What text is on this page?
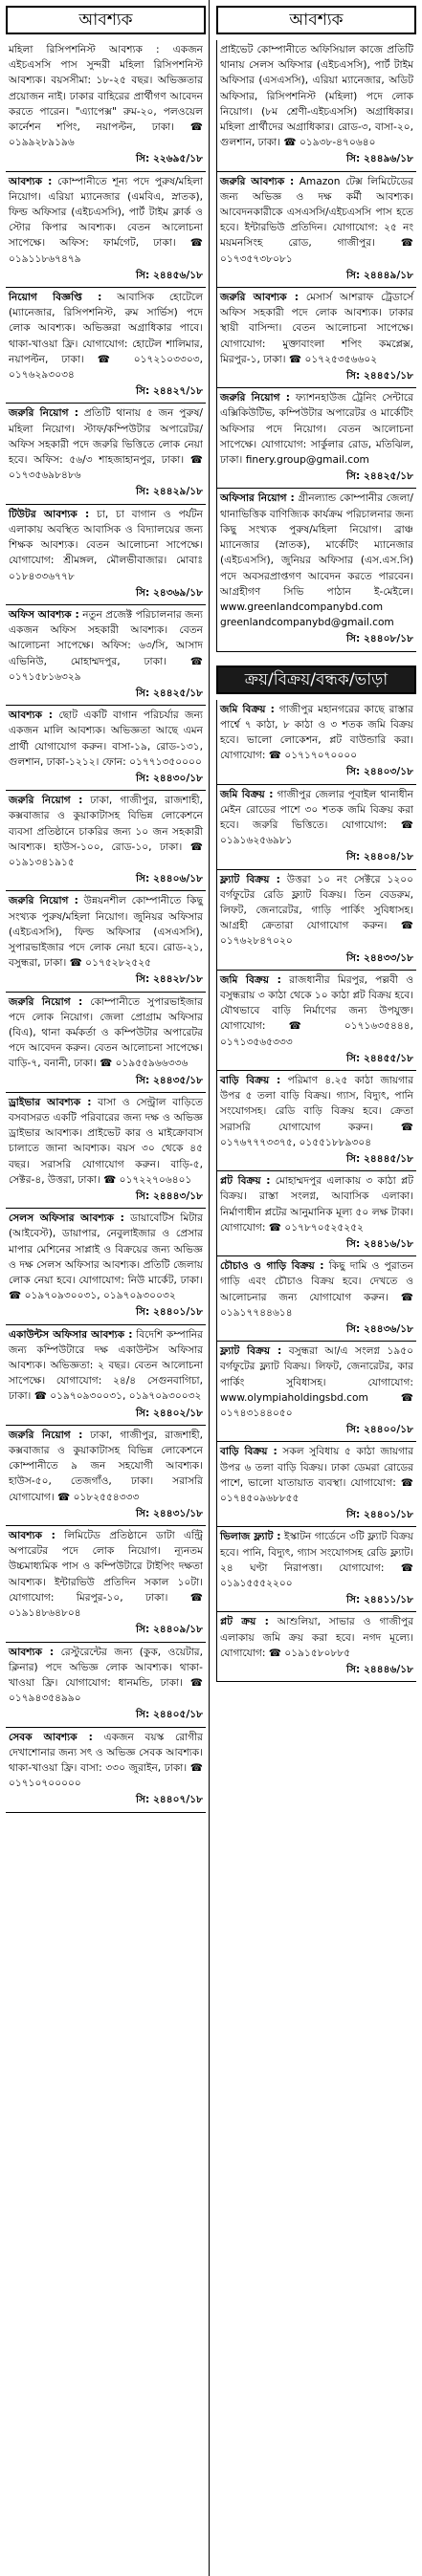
আবশ্যক
মহিলা রিসিপশনিস্ট আবশ্যক : একজন এইচএসসি পাস সুন্দরী মহিলা রিসিপশনিস্ট আবশ্যক। বয়সসীমা: ১৮-২৫ বছর। অভিজ্ঞতার প্রয়োজন নাই। ঢাকার বাহিরের প্রার্থীগণ আবেদন করতে পারেন। "এ্যাপেক্স" রুম-২০, পলওয়েল কার্নেশন শপিং, নয়াপল্টন, ঢাকা। ☎ ০১৯৯২৮৯১৯৬
সি: ২২৬৯৫/১৮
আবশ্যক : কোম্পানীতে শূন্য পদে পুরুষ/মহিলা নিয়োগ। এরিয়া ম্যানেজার (এমবিএ, স্নাতক), ফিল্ড অফিসার (এইচএসসি), পার্ট টাইম ক্লার্ক ও স্টোর কিপার আবশ্যক। বেতন আলোচনা সাপেক্ষে। অফিস: ফার্মগেট, ঢাকা। ☎ ০১৯১১৮৬৭৪৭৯
সি: ২৪৪৫৬/১৮
নিয়োগ বিজ্ঞপ্তি : আবাসিক হোটেলে (ম্যানেজার, রিসিপশনিস্ট, রুম সার্ভিস) পদে লোক আবশ্যক। অভিজ্ঞরা অগ্রাধিকার পাবে। থাকা-খাওয়া ফ্রি। যোগাযোগ: হোটেল শালিমার, নয়াপল্টন, ঢাকা। ☎ ০১৭২১০৩৩০৩, ০১৭৬২৯৩০৩৪
সি: ২৪৪২৭/১৮
জরুরি নিয়োগ : প্রতিটি থানায় ৫ জন পুরুষ/মহিলা নিয়োগ। স্টাফ/কম্পিউটার অপারেটর/অফিস সহকারী পদে জরুরি ভিত্তিতে লোক নেয়া হবে। অফিস: ৫৬/৩ শাহজাহানপুর, ঢাকা। ☎ ০১৭৩৫৬৯৮৪৮৬
সি: ২৪৪২৯/১৮
টিউটর আবশ্যক : চা, চা বাগান ও পর্যটন এলাকায় অবস্থিত আবাসিক ও বিদ্যালয়ের জন্য শিক্ষক আবশ্যক। বেতন আলোচনা সাপেক্ষে। যোগাযোগ: শ্রীমঙ্গল, মৌলভীবাজার। মোবাঃ ০১৮৪৩৩৬৭৭৮
সি: ২৪৩৬৯/১৮
অফিস আবশ্যক : নতুন প্রজেক্ট পরিচালনার জন্য একজন অফিস সহকারী আবশ্যক। বেতন আলোচনা সাপেক্ষে। অফিস: ৬৩/সি, আসাদ এভিনিউ, মোহাম্মদপুর, ঢাকা। ☎ ০১৭১৫৮১৬৩২৯
সি: ২৪৪২৫/১৮
আবশ্যক : ছোট একটি বাগান পরিচর্যার জন্য একজন মালি আবশ্যক। অভিজ্ঞতা আছে এমন প্রার্থী যোগাযোগ করুন। বাসা-১৯, রোড-১৩১, গুলশান, ঢাকা-১২১২। ফোন: ০১৭৭১৩৫০০০০
সি: ২৪৪৩০/১৮
জরুরি নিয়োগ : ঢাকা, গাজীপুর, রাজশাহী, কক্সবাজার ও কুয়াকাটাসহ বিভিন্ন লোকেশনে ব্যবসা প্রতিষ্ঠানে চাকরির জন্য ১০ জন সহকারী আবশ্যক। হাউস-১০০, রোড-১০, ঢাকা। ☎ ০১৯১৩৪১৯১৫
সি: ২৪৪০৬/১৮
জরুরি নিয়োগ : উন্নয়নশীল কোম্পানীতে কিছু সংখ্যক পুরুষ/মহিলা নিয়োগ। জুনিয়র অফিসার (এইচএসসি), ফিল্ড অফিসার (এসএসসি), সুপারভাইজার পদে লোক নেয়া হবে। রোড-২১, বসুন্ধরা, ঢাকা। ☎ ০১৭৫২৮২৫২৫
সি: ২৪৪২৮/১৮
জরুরি নিয়োগ : কোম্পানীতে সুপারভাইজার পদে লোক নিয়োগ। জেলা প্রোগ্রাম অফিসার (বিএ), থানা কর্মকর্তা ও কম্পিউটার অপারেটর পদে আবেদন করুন। বেতন আলোচনা সাপেক্ষে। বাড়ি-৭, বনানী, ঢাকা। ☎ ০১৯৫৫৯৬৬৩৩৬
সি: ২৪৪৩৫/১৮
ড্রাইভার আবশ্যক : বাসা ও সেন্ট্রাল বাড়িতে বসবাসরত একটি পরিবারের জন্য দক্ষ ও অভিজ্ঞ ড্রাইভার আবশ্যক। প্রাইভেট কার ও মাইক্রোবাস চালাতে জানা আবশ্যক। বয়স ৩০ থেকে ৪৫ বছর। সরাসরি যোগাযোগ করুন। বাড়ি-৫, সেক্টর-৪, উত্তরা, ঢাকা। ☎ ০১৭২২৭০৬৪০১
সি: ২৪৪৪৩/১৮
সেলস অফিসার আবশ্যক : ডায়াবেটিস মিটার (আইবেস্ট), ডায়াপার, নেবুলাইজার ও প্রেসার মাপার মেশিনের সাপ্লাই ও বিক্রয়ের জন্য অভিজ্ঞ ও দক্ষ সেলস অফিসার আবশ্যক। প্রতিটি জেলায় লোক নেয়া হবে। যোগাযোগ: নিউ মার্কেট, ঢাকা। ☎ ০১৯৭০৯৩০০৩১, ০১৯৭০৯৩০০৩২
সি: ২৪৪০১/১৮
একাউন্টস অফিসার আবশ্যক : বিদেশি কম্পানির জন্য কম্পিউটারে দক্ষ একাউন্টস অফিসার আবশ্যক। অভিজ্ঞতা: ২ বছর। বেতন আলোচনা সাপেক্ষে। যোগাযোগ: ২৪/৪ সেগুনবাগিচা, ঢাকা। ☎ ০১৯৭০৯৩০০৩১, ০১৯৭০৯৩০০৩২
সি: ২৪৪০২/১৮
জরুরি নিয়োগ : ঢাকা, গাজীপুর, রাজশাহী, কক্সবাজার ও কুয়াকাটাসহ বিভিন্ন লোকেশনে কোম্পানীতে ৯ জন সহযোগী আবশ্যক। হাউস-৫০, তেজগাঁও, ঢাকা। সরাসরি যোগাযোগ। ☎ ০১৮২৫৫৪৩৩৩
সি: ২৪৪৩১/১৮
আবশ্যক : লিমিটেড প্রতিষ্ঠানে ডাটা এন্ট্রি অপারেটর পদে লোক নিয়োগ। ন্যূনতম উচ্চমাধ্যমিক পাস ও কম্পিউটারে টাইপিং দক্ষতা আবশ্যক। ইন্টারভিউ প্রতিদিন সকাল ১০টা। যোগাযোগ: মিরপুর-১০, ঢাকা। ☎ ০১৯১৪৮৬৪৮০৪
সি: ২৪৪০৯/১৮
আবশ্যক : রেস্টুরেন্টের জন্য (কুক, ওয়েটার, ক্লিনার) পদে অভিজ্ঞ লোক আবশ্যক। থাকা-খাওয়া ফ্রি। যোগাযোগ: ধানমন্ডি, ঢাকা। ☎ ০১৭৯৪৩৫৪৯৯০
সি: ২৪৪০৫/১৮
সেবক আবশ্যক : একজন বয়স্ক রোগীর দেখাশোনার জন্য সৎ ও অভিজ্ঞ সেবক আবশ্যক। থাকা-খাওয়া ফ্রি। বাসা: ৩৩০ জুরাইন, ঢাকা। ☎ ০১৭১০৭০০০০০
সি: ২৪৪০৭/১৮
আবশ্যক
প্রাইভেট কোম্পানীতে অফিসিয়াল কাজে প্রতিটি থানায় সেলস অফিসার (এইচএসসি), পার্ট টাইম অফিসার (এসএসসি), এরিয়া ম্যানেজার, অডিট অফিসার, রিসিপশনিস্ট (মহিলা) পদে লোক নিয়োগ। (৮ম শ্রেণী-এইচএসসি) অগ্রাধিকার। মহিলা প্রার্থীদের অগ্রাধিকার। রোড-৩, বাসা-২০, গুলশান, ঢাকা। ☎ ০১৯৩৮-৪৭০৬৪০
সি: ২৪৪৯৬/১৮
জরুরি আবশ্যক : Amazon টেক্স লিমিটেডের জন্য অভিজ্ঞ ও দক্ষ কর্মী আবশ্যক। আবেদনকারীকে এসএসসি/এইচএসসি পাস হতে হবে। ইন্টারভিউ প্রতিদিন। যোগাযোগ: ২৫ নং ময়মনসিংহ রোড, গাজীপুর। ☎ ০১৭৩৫৭৩৮০৮১
সি: ২৪৪৪৯/১৮
জরুরি আবশ্যক : মেসার্স আশরাফ ট্রেডার্সে অফিস সহকারী পদে লোক আবশ্যক। ঢাকার স্থায়ী বাসিন্দা। বেতন আলোচনা সাপেক্ষে। যোগাযোগ: মুক্তাবাংলা শপিং কমপ্লেক্স, মিরপুর-১, ঢাকা। ☎ ০১৭২৫৩৫৬৬০২
সি: ২৪৪৫১/১৮
জরুরি নিয়োগ : ফ্যাশনহাউজ ট্রেনিং সেন্টারে এক্সিকিউটিভ, কম্পিউটার অপারেটর ও মার্কেটিং অফিসার পদে নিয়োগ। বেতন আলোচনা সাপেক্ষে। যোগাযোগ: সার্কুলার রোড, মতিঝিল, ঢাকা। finery.group@gmail.com
সি: ২৪৪২৫/১৮
অফিসার নিয়োগ : গ্রীনল্যান্ড কোম্পানীর জেলা/থানাভিত্তিক বাণিজ্যিক কার্যক্রম পরিচালনার জন্য কিছু সংখ্যক পুরুষ/মহিলা নিয়োগ। ব্রাঞ্চ ম্যানেজার (স্নাতক), মার্কেটিং ম্যানেজার (এইচএসসি), জুনিয়র অফিসার (এস.এস.সি) পদে অবসরপ্রাপ্তগণ আবেদন করতে পারবেন। আগ্রহীগণ সিভি পাঠান ই-মেইলে। www.greenlandcompanybd.com greenlandcompanybd@gmail.com
সি: ২৪৪০৮/১৮
ক্রয়/বিক্রয়/বন্ধক/ভাড়া
জমি বিক্রয় : গাজীপুর মহানগরের কাছে রাস্তার পার্শ্বে ৭ কাঠা, ৮ কাঠা ও ৩ শতক জমি বিক্রয় হবে। ভালো লোকেশন, প্লট বাউন্ডারি করা। যোগাযোগ: ☎ ০১৭১৭০৭০০০০
সি: ২৪৪০৩/১৮
জমি বিক্রয় : গাজীপুর জেলার পূবাইল থানাধীন মেইন রোডের পাশে ৩০ শতক জমি বিক্রয় করা হবে। জরুরি ভিত্তিতে। যোগাযোগ: ☎ ০১৯১৬২৫৬৯৮১
সি: ২৪৪০৪/১৮
ফ্ল্যাট বিক্রয় : উত্তরা ১০ নং সেক্টরে ১২০০ বর্গফুটের রেডি ফ্ল্যাট বিক্রয়। তিন বেডরুম, লিফট, জেনারেটর, গাড়ি পার্কিং সুবিধাসহ। আগ্রহী ক্রেতারা যোগাযোগ করুন। ☎ ০১৭৬২৮৪৭০২০
সি: ২৪৪৩৩/১৮
জমি বিক্রয় : রাজধানীর মিরপুর, পল্লবী ও বসুন্ধরায় ৩ কাঠা থেকে ১০ কাঠা প্লট বিক্রয় হবে। যৌথভাবে বাড়ি নির্মাণের জন্য উপযুক্ত। যোগাযোগ: ☎ ০১৭১৬৩৫৪৪৪, ০১৭১৩৫৬৫৩৩৩
সি: ২৪৪৫৫/১৮
বাড়ি বিক্রয় : পরিমাণ ৪.২৫ কাঠা জায়গার উপর ৫ তলা বাড়ি বিক্রয়। গ্যাস, বিদ্যুৎ, পানি সংযোগসহ। রেডি বাড়ি বিক্রয় হবে। ক্রেতা সরাসরি যোগাযোগ করুন। ☎ ০১৭৬৭৭৭৩৩৭৫, ০১৫৫১৮৮৯৩০৪
সি: ২৪৪৪৫/১৮
প্লট বিক্রয় : মোহাম্মদপুর এলাকায় ৩ কাঠা প্লট বিক্রয়। রাস্তা সংলগ্ন, আবাসিক এলাকা। নির্মাণাধীন প্লটের আনুমানিক মূল্য ৫০ লক্ষ টাকা। যোগাযোগ: ☎ ০১৭৮৭০৫২৫২৫২
সি: ২৪৪১৬/১৮
চৌচাও ও গাড়ি বিক্রয় : কিছু দামি ও পুরাতন গাড়ি এবং চৌচাও বিক্রয় হবে। দেখতে ও আলোচনার জন্য যোগাযোগ করুন। ☎ ০১৯১৭৭৪৪৬১৪
সি: ২৪৪৩৬/১৮
ফ্ল্যাট বিক্রয় : বসুন্ধরা আ/এ সংলগ্ন ১৯৫০ বর্গফুটের ফ্ল্যাট বিক্রয়। লিফট, জেনারেটর, কার পার্কিং সুবিধাসহ। যোগাযোগ: www.olympiaholdingsbd.com ☎ ০১৭৪৩১৪৪০৫০
সি: ২৪৪০০/১৮
বাড়ি বিক্রয় : সকল সুবিধায় ৫ কাঠা জায়গার উপর ৬ তলা বাড়ি বিক্রয়। ঢাকা ডেমরা রোডের পাশে, ভালো যাতায়াত ব্যবস্থা। যোগাযোগ: ☎ ০১৭৪৫০৯৬৮৮৫৫
সি: ২৪৪০১/১৮
ভিলাজ ফ্ল্যাট : ইস্কাটন গার্ডেনে ৩টি ফ্ল্যাট বিক্রয় হবে। পানি, বিদ্যুৎ, গ্যাস সংযোগসহ রেডি ফ্ল্যাট। ২৪ ঘণ্টা নিরাপত্তা। যোগাযোগ: ☎ ০১৯১৫৫৫২২০০
সি: ২৪৪১১/১৮
প্লট ক্রয় : আশুলিয়া, সাভার ও গাজীপুর এলাকায় জমি ক্রয় করা হবে। নগদ মূল্যে। যোগাযোগ: ☎ ০১৯১৫৮০৮৮৫
সি: ২৪৪৪৬/১৮
